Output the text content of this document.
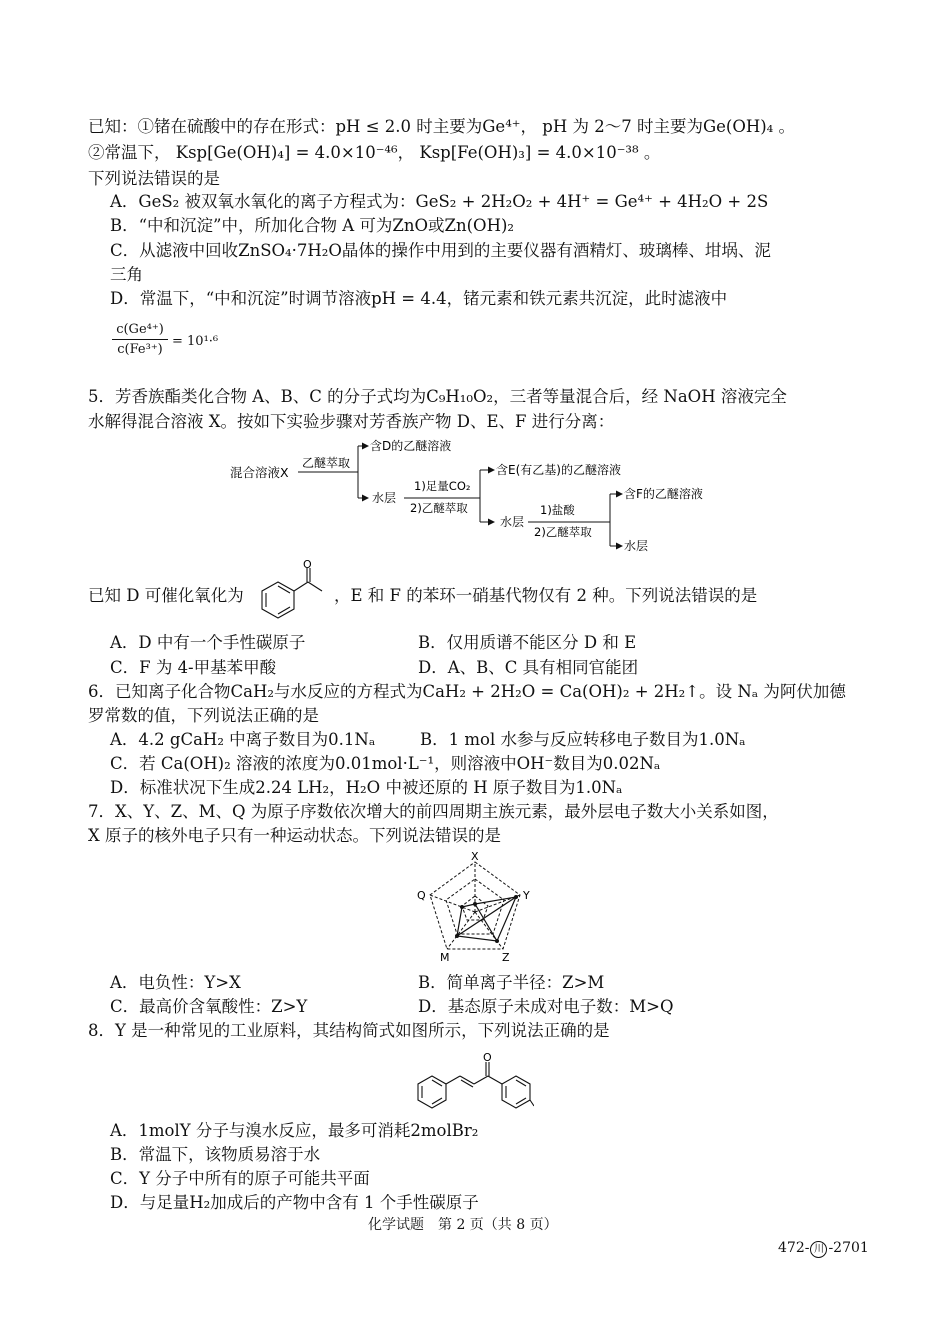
已知：①锗在硫酸中的存在形式：pH ≤ 2.0 时主要为Ge⁴⁺， pH 为 2～7 时主要为Ge(OH)₄ 。
②常温下， Ksp[Ge(OH)₄] = 4.0×10⁻⁴⁶， Ksp[Fe(OH)₃] = 4.0×10⁻³⁸ 。
下列说法错误的是
A．GeS₂ 被双氧水氧化的离子方程式为：GeS₂ + 2H₂O₂ + 4H⁺ = Ge⁴⁺ + 4H₂O + 2S
B．“中和沉淀”中，所加化合物 A 可为ZnO或Zn(OH)₂
C．从滤液中回收ZnSO₄·7H₂O晶体的操作中用到的主要仪器有酒精灯、玻璃棒、坩埚、泥
三角
D．常温下，“中和沉淀”时调节溶液pH = 4.4，锗元素和铁元素共沉淀，此时滤液中
c(Ge⁴⁺)
c(Fe³⁺)
= 10¹·⁶
5．芳香族酯类化合物 A、B、C 的分子式均为C₉H₁₀O₂，三者等量混合后，经 NaOH 溶液完全
水解得混合溶液 X。按如下实验步骤对芳香族产物 D、E、F 进行分离：
混合溶液X
乙醚萃取
含D的乙醚溶液
水层
1)足量CO₂
2)乙醚萃取
含E(有乙基)的乙醚溶液
水层
1)盐酸
2)乙醚萃取
含F的乙醚溶液
水层
已知 D 可催化氧化为
O
，E 和 F 的苯环一硝基代物仅有 2 种。下列说法错误的是
A．D 中有一个手性碳原子	B．仅用质谱不能区分 D 和 E
C．F 为 4-甲基苯甲酸	D．A、B、C 具有相同官能团
6．已知离子化合物CaH₂与水反应的方程式为CaH₂ + 2H₂O = Ca(OH)₂ + 2H₂↑。设 Nₐ 为阿伏加德
罗常数的值，下列说法正确的是
A．4.2 gCaH₂ 中离子数目为0.1Nₐ	B．1 mol 水参与反应转移电子数目为1.0Nₐ
C．若 Ca(OH)₂ 溶液的浓度为0.01mol·L⁻¹，则溶液中OH⁻数目为0.02Nₐ
D．标准状况下生成2.24 LH₂，H₂O 中被还原的 H 原子数目为1.0Nₐ
7．X、Y、Z、M、Q 为原子序数依次增大的前四周期主族元素，最外层电子数大小关系如图，
X 原子的核外电子只有一种运动状态。下列说法错误的是
X
Y
Z
M
Q
A．电负性：Y>X	B．简单离子半径：Z>M
C．最高价含氧酸性：Z>Y	D．基态原子未成对电子数：M>Q
8．Y 是一种常见的工业原料，其结构简式如图所示，下列说法正确的是
O
A．1molY 分子与溴水反应，最多可消耗2molBr₂
B．常温下，该物质易溶于水
C．Y 分子中所有的原子可能共平面
D．与足量H₂加成后的产物中含有 1 个手性碳原子
化学试题　第 2 页（共 8 页）
472- 川 -2701
